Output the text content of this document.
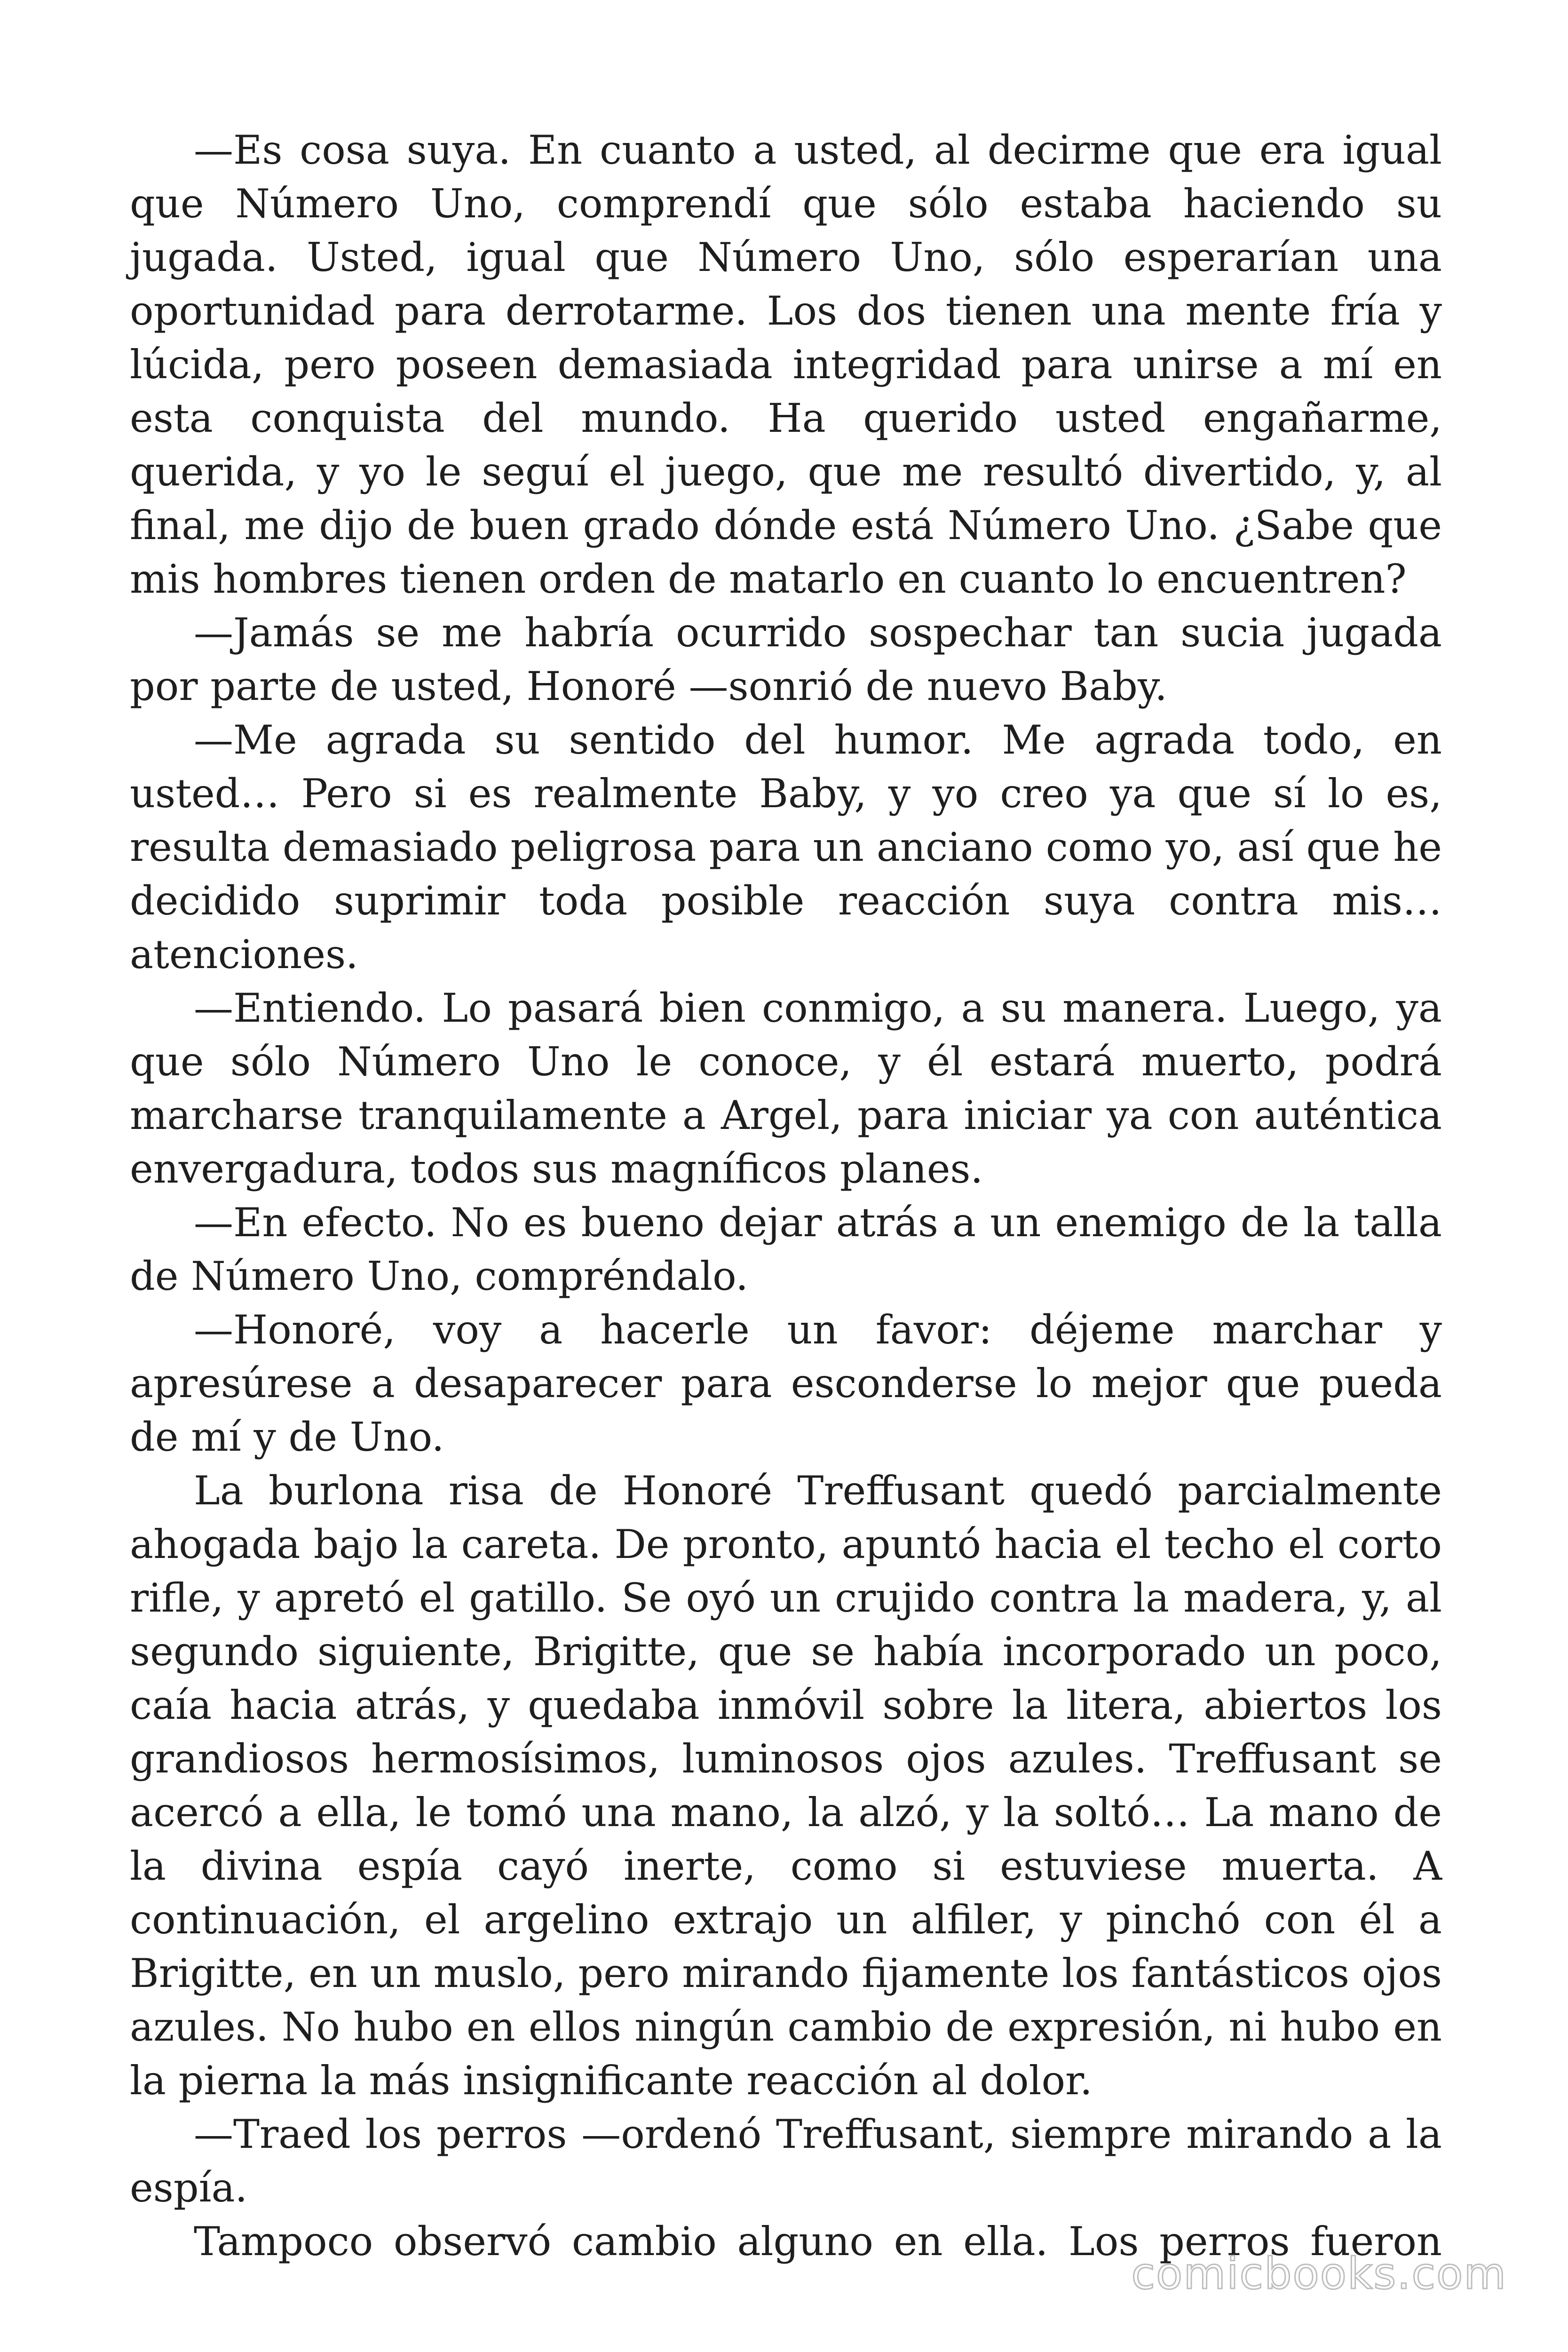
—Es cosa suya. En cuanto a usted, al decirme que era igual que Número Uno, comprendí que sólo estaba haciendo su jugada. Usted, igual que Número Uno, sólo esperarían una oportunidad para derrotarme. Los dos tienen una mente fría y lúcida, pero poseen demasiada integridad para unirse a mí en esta conquista del mundo. Ha querido usted engañarme, querida, y yo le seguí el juego, que me resultó divertido, y, al final, me dijo de buen grado dónde está Número Uno. ¿Sabe que mis hombres tienen orden de matarlo en cuanto lo encuentren?

—Jamás se me habría ocurrido sospechar tan sucia jugada por parte de usted, Honoré —sonrió de nuevo Baby.

—Me agrada su sentido del humor. Me agrada todo, en usted… Pero si es realmente Baby, y yo creo ya que sí lo es, resulta demasiado peligrosa para un anciano como yo, así que he decidido suprimir toda posible reacción suya contra mis… atenciones.

—Entiendo. Lo pasará bien conmigo, a su manera. Luego, ya que sólo Número Uno le conoce, y él estará muerto, podrá marcharse tranquilamente a Argel, para iniciar ya con auténtica envergadura, todos sus magníficos planes.

—En efecto. No es bueno dejar atrás a un enemigo de la talla de Número Uno, compréndalo.

—Honoré, voy a hacerle un favor: déjeme marchar y apresúrese a desaparecer para esconderse lo mejor que pueda de mí y de Uno.

La burlona risa de Honoré Treffusant quedó parcialmente ahogada bajo la careta. De pronto, apuntó hacia el techo el corto rifle, y apretó el gatillo. Se oyó un crujido contra la madera, y, al segundo siguiente, Brigitte, que se había incorporado un poco, caía hacia atrás, y quedaba inmóvil sobre la litera, abiertos los grandiosos hermosísimos, luminosos ojos azules. Treffusant se acercó a ella, le tomó una mano, la alzó, y la soltó… La mano de la divina espía cayó inerte, como si estuviese muerta. A continuación, el argelino extrajo un alfiler, y pinchó con él a Brigitte, en un muslo, pero mirando fijamente los fantásticos ojos azules. No hubo en ellos ningún cambio de expresión, ni hubo en la pierna la más insignificante reacción al dolor.

—Traed los perros —ordenó Treffusant, siempre mirando a la espía.

Tampoco observó cambio alguno en ella. Los perros fueron

comicbooks.com
